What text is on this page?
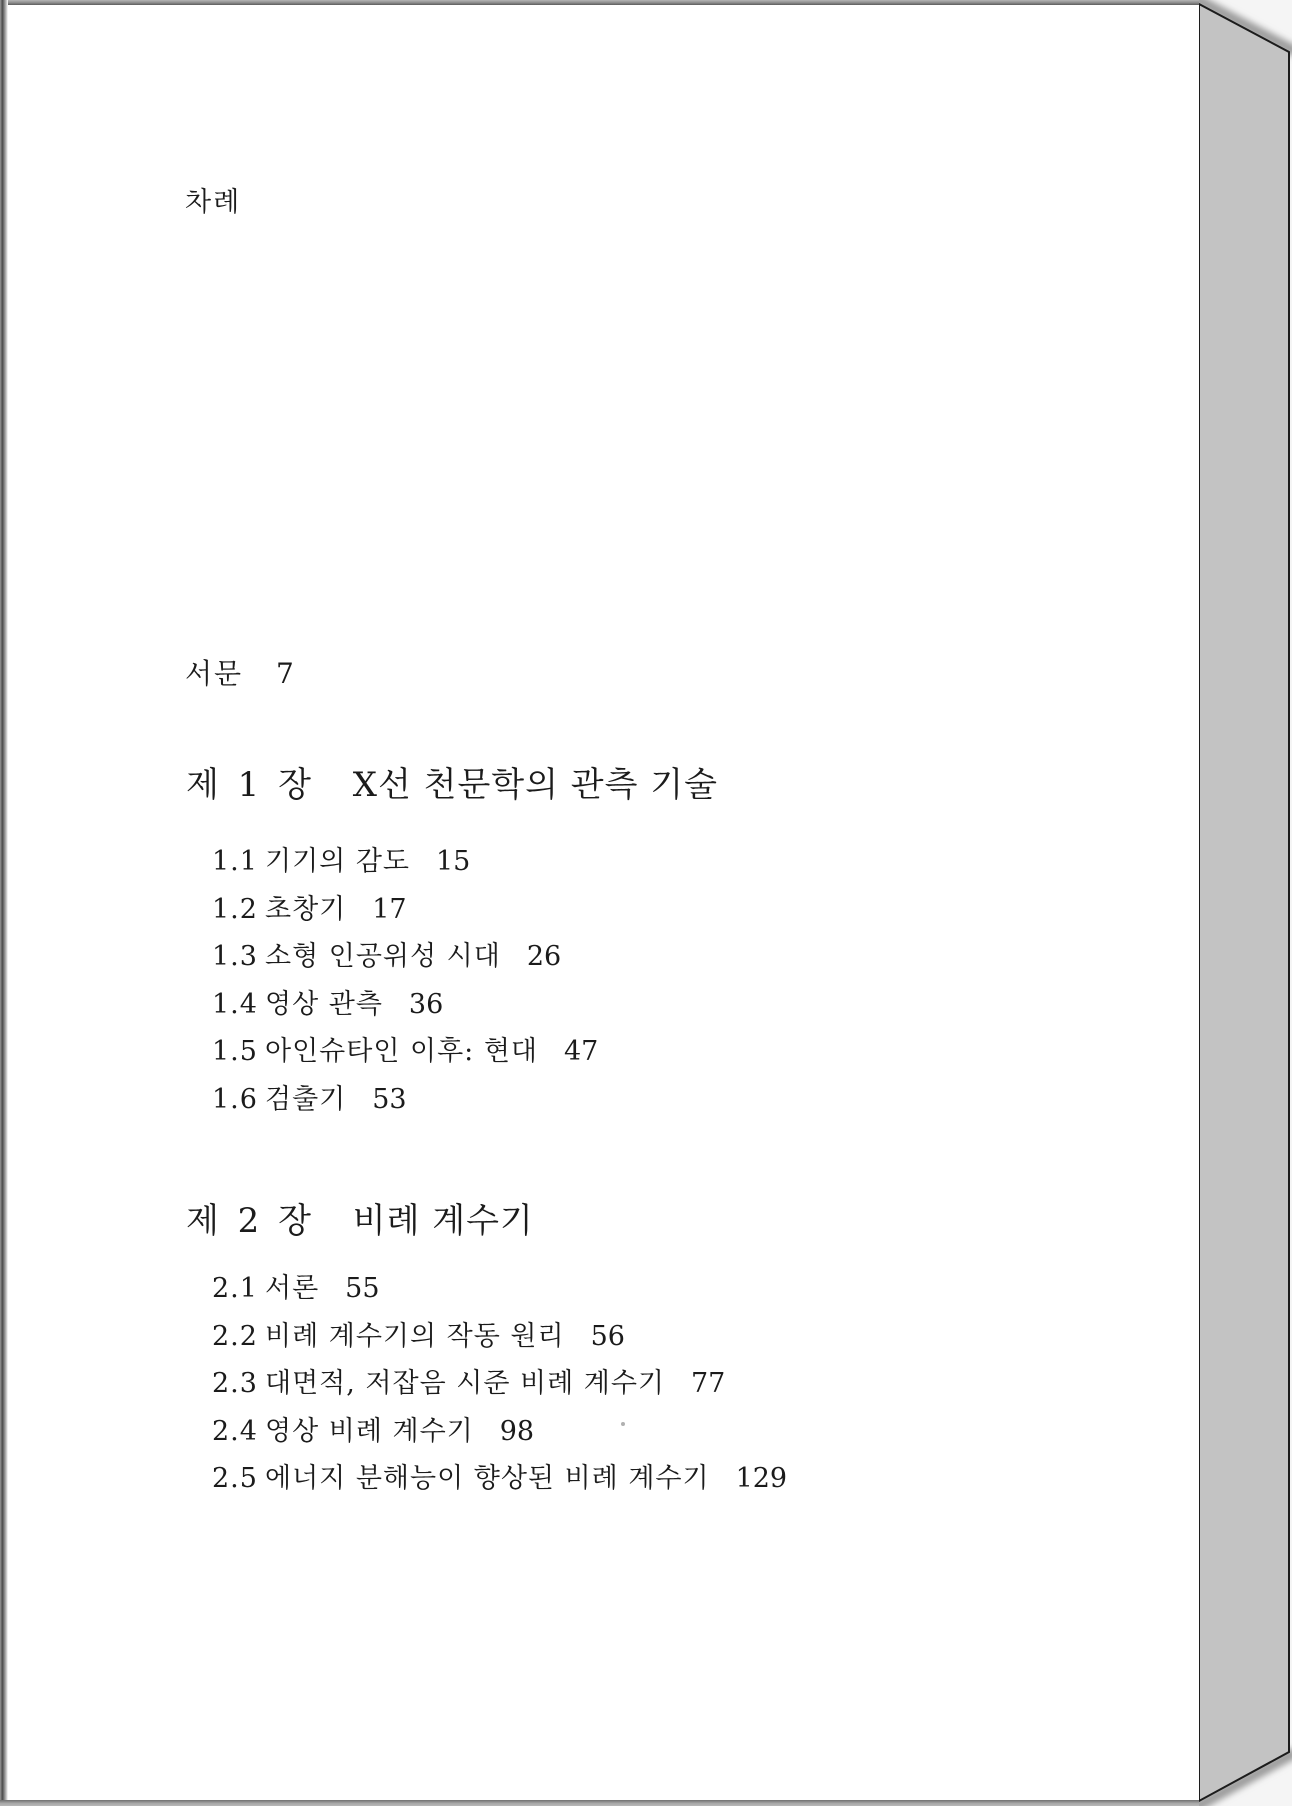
차례
서문 7
제 1 장 X선 천문학의 관측 기술
1.1 기기의 감도 15
1.2 초창기 17
1.3 소형 인공위성 시대 26
1.4 영상 관측 36
1.5 아인슈타인 이후: 현대 47
1.6 검출기 53
제 2 장 비례 계수기
2.1 서론 55
2.2 비례 계수기의 작동 원리 56
2.3 대면적, 저잡음 시준 비례 계수기 77
2.4 영상 비례 계수기 98
2.5 에너지 분해능이 향상된 비례 계수기 129
